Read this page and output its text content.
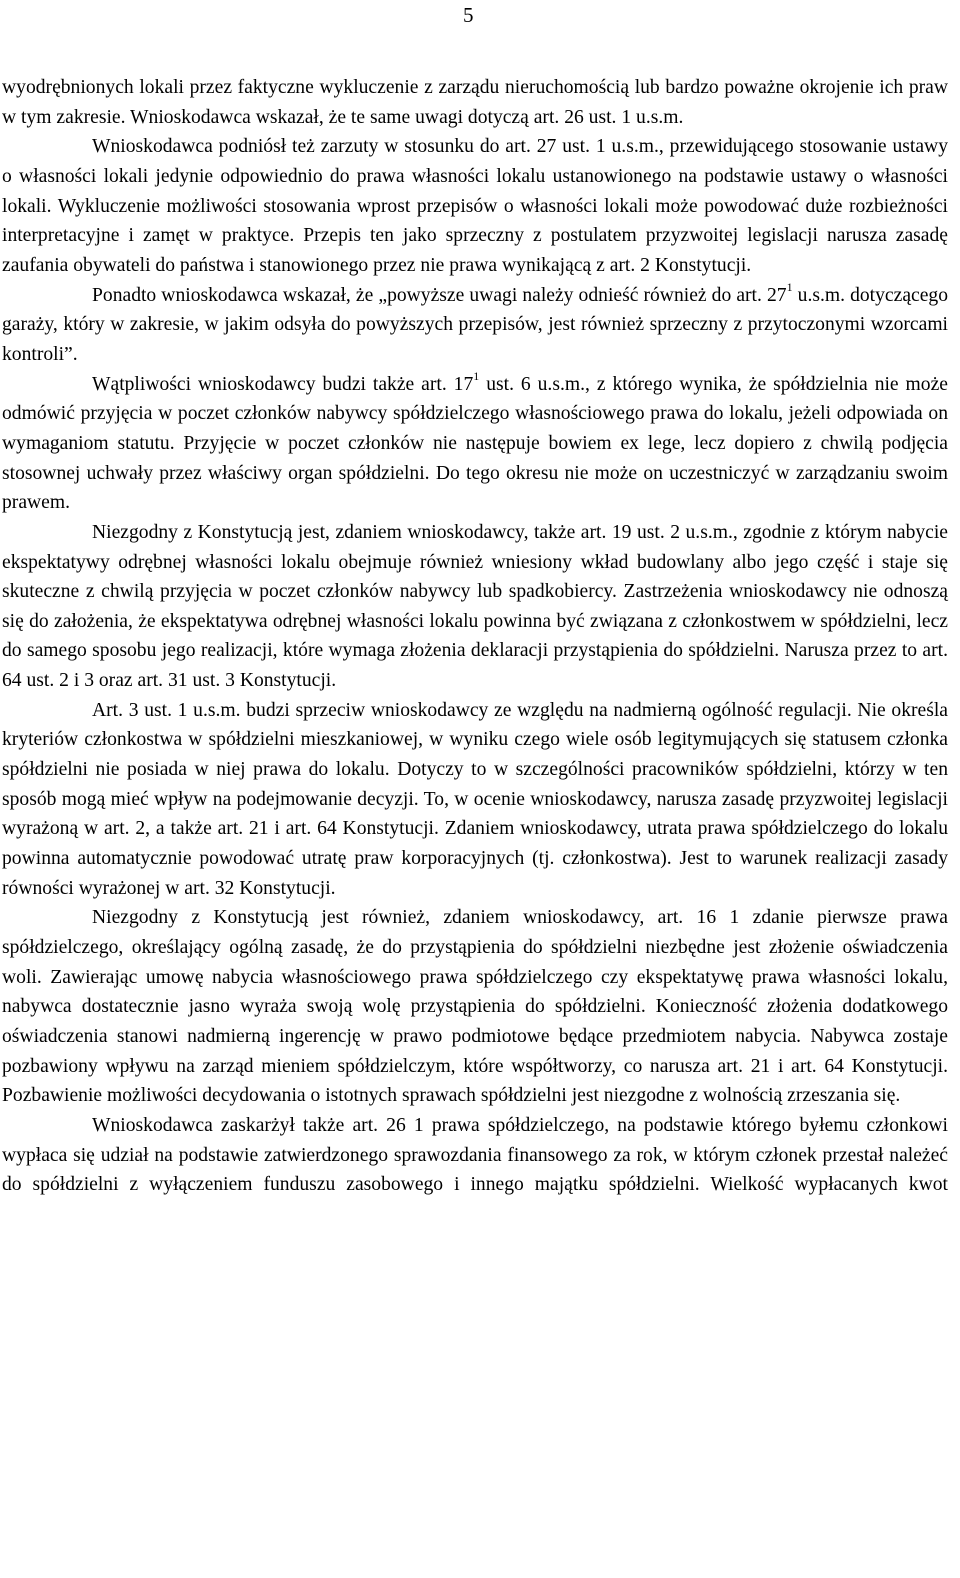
5

wyodrębnionych lokali przez faktyczne wykluczenie z zarządu nieruchomością lub bardzo poważne okrojenie ich praw w tym zakresie. Wnioskodawca wskazał, że te same uwagi dotyczą art. 26 ust. 1 u.s.m.

Wnioskodawca podniósł też zarzuty w stosunku do art. 27 ust. 1 u.s.m., przewidującego stosowanie ustawy o własności lokali jedynie odpowiednio do prawa własności lokalu ustanowionego na podstawie ustawy o własności lokali. Wykluczenie możliwości stosowania wprost przepisów o własności lokali może powodować duże rozbieżności interpretacyjne i zamęt w praktyce. Przepis ten jako sprzeczny z postulatem przyzwoitej legislacji narusza zasadę zaufania obywateli do państwa i stanowionego przez nie prawa wynikającą z art. 2 Konstytucji.

Ponadto wnioskodawca wskazał, że „powyższe uwagi należy odnieść również do art. $27^1$ u.s.m. dotyczącego garaży, który w zakresie, w jakim odsyła do powyższych przepisów, jest również sprzeczny z przytoczonymi wzorcami kontroli”.

Wątpliwości wnioskodawcy budzi także art. $17^1$ ust. 6 u.s.m., z którego wynika, że spółdzielnia nie może odmówić przyjęcia w poczet członków nabywcy spółdzielczego własnościowego prawa do lokalu, jeżeli odpowiada on wymaganiom statutu. Przyjęcie w poczet członków nie następuje bowiem ex lege, lecz dopiero z chwilą podjęcia stosownej uchwały przez właściwy organ spółdzielni. Do tego okresu nie może on uczestniczyć w zarządzaniu swoim prawem.

Niezgodny z Konstytucją jest, zdaniem wnioskodawcy, także art. 19 ust. 2 u.s.m., zgodnie z którym nabycie ekspektatywy odrębnej własności lokalu obejmuje również wniesiony wkład budowlany albo jego część i staje się skuteczne z chwilą przyjęcia w poczet członków nabywcy lub spadkobiercy. Zastrzeżenia wnioskodawcy nie odnoszą się do założenia, że ekspektatywa odrębnej własności lokalu powinna być związana z członkostwem w spółdzielni, lecz do samego sposobu jego realizacji, które wymaga złożenia deklaracji przystąpienia do spółdzielni. Narusza przez to art. 64 ust. 2 i 3 oraz art. 31 ust. 3 Konstytucji.

Art. 3 ust. 1 u.s.m. budzi sprzeciw wnioskodawcy ze względu na nadmierną ogólność regulacji. Nie określa kryteriów członkostwa w spółdzielni mieszkaniowej, w wyniku czego wiele osób legitymujących się statusem członka spółdzielni nie posiada w niej prawa do lokalu. Dotyczy to w szczególności pracowników spółdzielni, którzy w ten sposób mogą mieć wpływ na podejmowanie decyzji. To, w ocenie wnioskodawcy, narusza zasadę przyzwoitej legislacji wyrażoną w art. 2, a także art. 21 i art. 64 Konstytucji. Zdaniem wnioskodawcy, utrata prawa spółdzielczego do lokalu powinna automatycznie powodować utratę praw korporacyjnych (tj. członkostwa). Jest to warunek realizacji zasady równości wyrażonej w art. 32 Konstytucji.

Niezgodny z Konstytucją jest również, zdaniem wnioskodawcy, art. 16 1 zdanie pierwsze prawa spółdzielczego, określający ogólną zasadę, że do przystąpienia do spółdzielni niezbędne jest złożenie oświadczenia woli. Zawierając umowę nabycia własnościowego prawa spółdzielczego czy ekspektatywę prawa własności lokalu, nabywca dostatecznie jasno wyraża swoją wolę przystąpienia do spółdzielni. Konieczność złożenia dodatkowego oświadczenia stanowi nadmierną ingerencję w prawo podmiotowe będące przedmiotem nabycia. Nabywca zostaje pozbawiony wpływu na zarząd mieniem spółdzielczym, które współtworzy, co narusza art. 21 i art. 64 Konstytucji. Pozbawienie możliwości decydowania o istotnych sprawach spółdzielni jest niezgodne z wolnością zrzeszania się.

Wnioskodawca zaskarżył także art. 26 1 prawa spółdzielczego, na podstawie którego byłemu członkowi wypłaca się udział na podstawie zatwierdzonego sprawozdania finansowego za rok, w którym członek przestał należeć do spółdzielni z wyłączeniem funduszu zasobowego i innego majątku spółdzielni. Wielkość wypłacanych kwot
